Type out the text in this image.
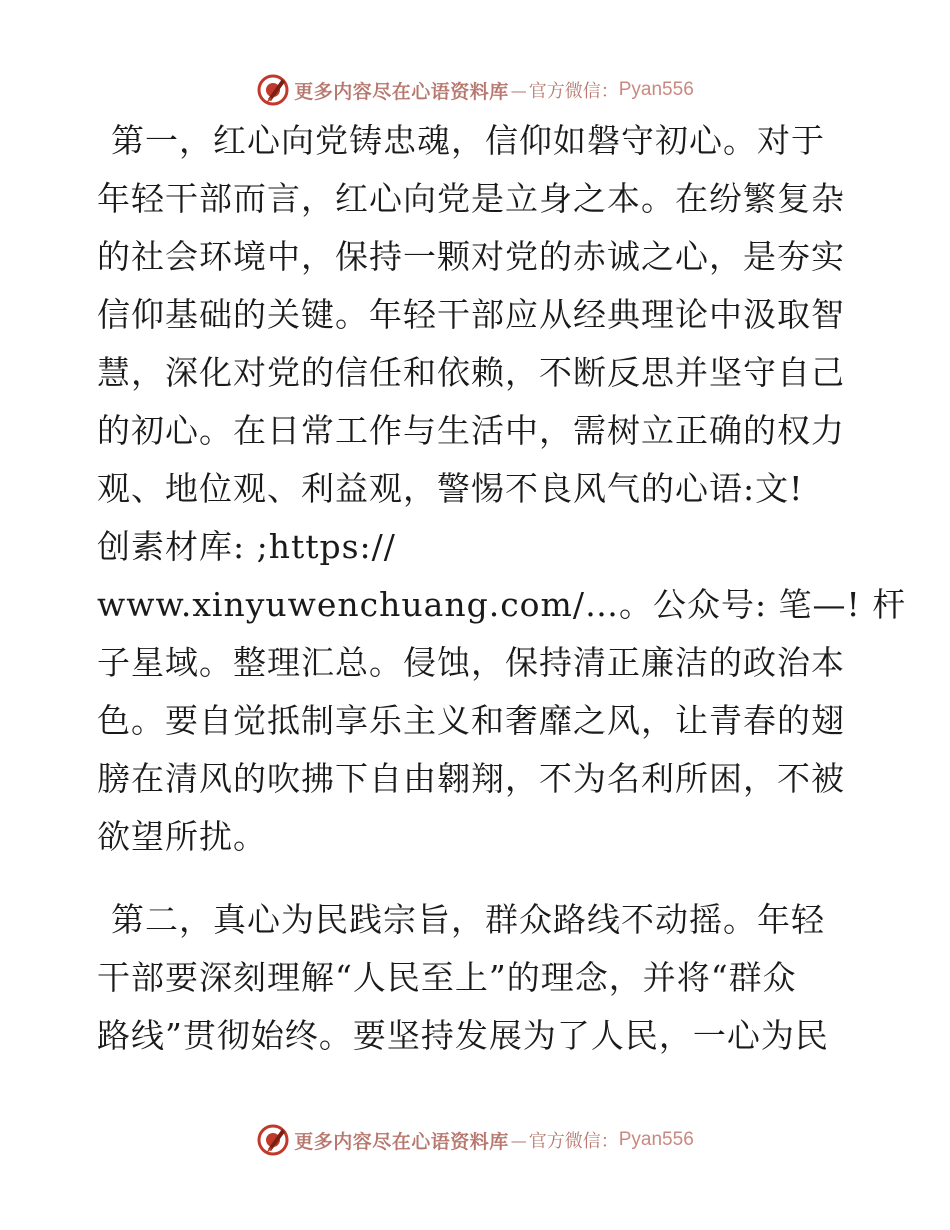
更多内容尽在心语资料库 — 官方微信： Pyan556
第一，红心向党铸忠魂，信仰如磐守初心。对于
年轻干部而言，红心向党是立身之本。在纷繁复杂
的社会环境中，保持一颗对党的赤诚之心，是夯实
信仰基础的关键。年轻干部应从经典理论中汲取智
慧，深化对党的信任和依赖，不断反思并坚守自己
的初心。在日常工作与生活中，需树立正确的权力
观、地位观、利益观，警惕不良风气的心语:文!
创素材库: ;https://
www.xinyuwenchuang.com/…。公众号: 笔—! 杆
子星域。整理汇总。侵蚀，保持清正廉洁的政治本
色。要自觉抵制享乐主义和奢靡之风，让青春的翅
膀在清风的吹拂下自由翱翔，不为名利所困，不被
欲望所扰。
第二，真心为民践宗旨，群众路线不动摇。年轻
干部要深刻理解“人民至上”的理念，并将“群众
路线”贯彻始终。要坚持发展为了人民，一心为民
更多内容尽在心语资料库 — 官方微信： Pyan556
